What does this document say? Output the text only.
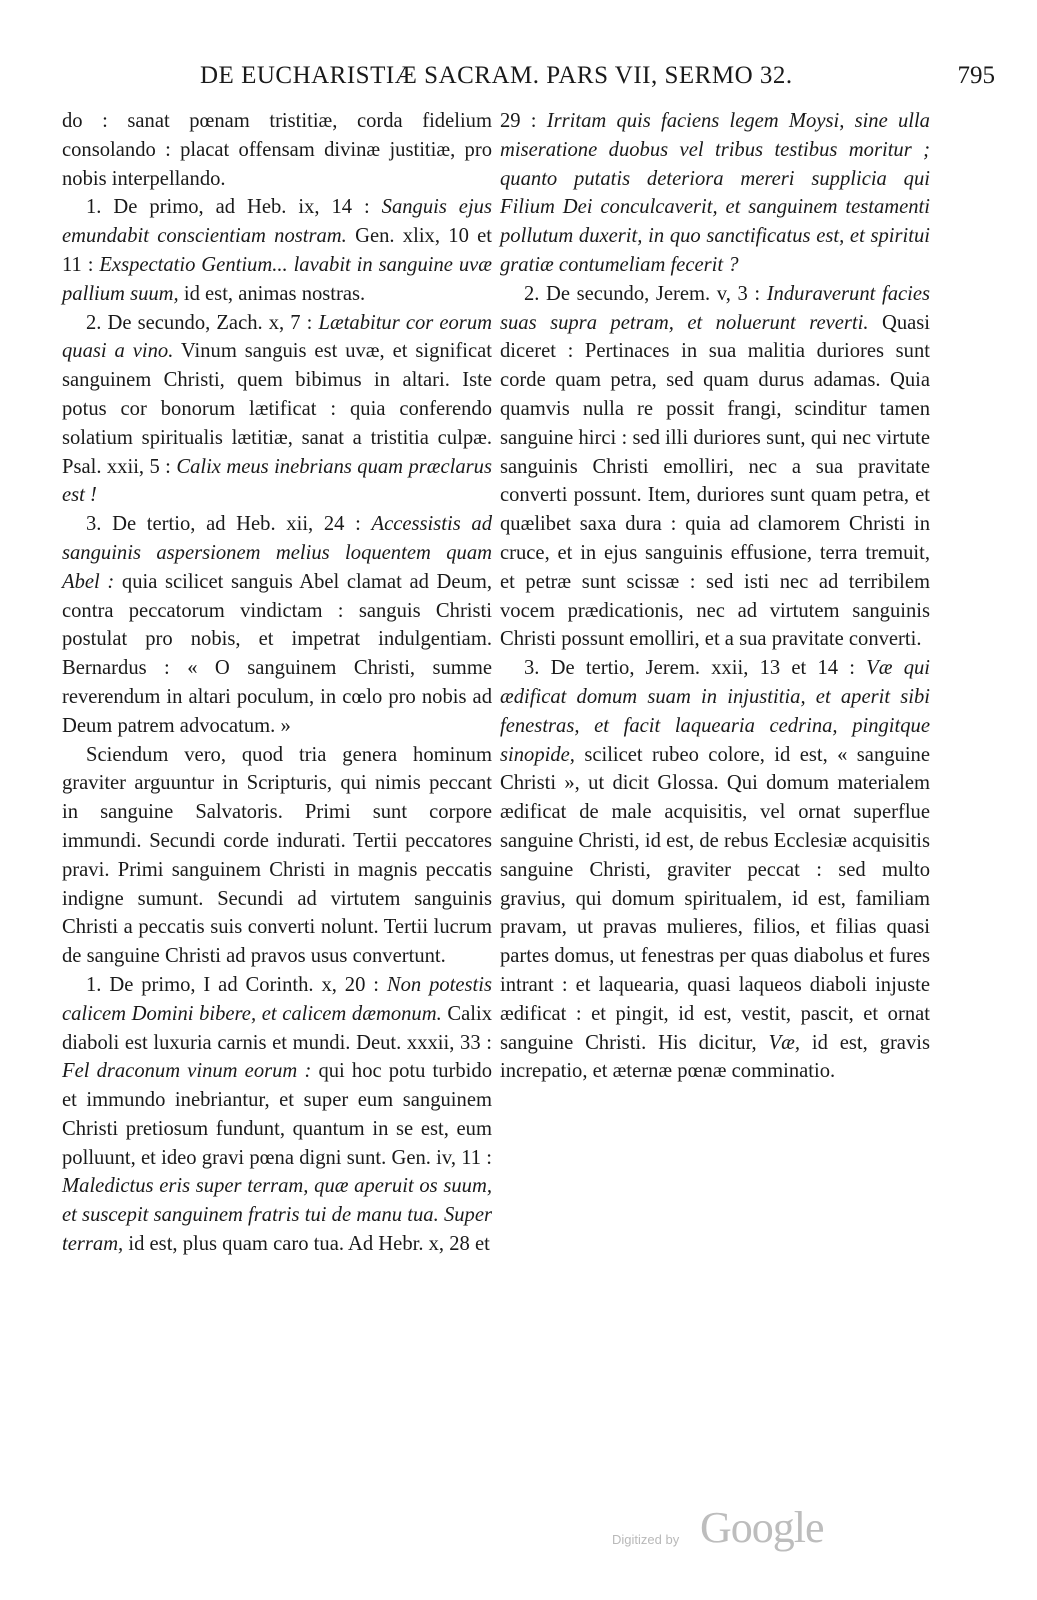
DE EUCHARISTIÆ SACRAM. PARS VII, SERMO 32.	795

do : sanat pœnam tristitiæ, corda fidelium consolando : placat offensam divinæ justitiæ, pro nobis interpellando.

1. De primo, ad Heb. ix, 14 : Sanguis ejus emundabit conscientiam nostram. Gen. xlix, 10 et 11 : Exspectatio Gentium... lavabit in sanguine uvæ pallium suum, id est, animas nostras.

2. De secundo, Zach. x, 7 : Lætabitur cor eorum quasi a vino. Vinum sanguis est uvæ, et significat sanguinem Christi, quem bibimus in altari. Iste potus cor bonorum lætificat : quia conferendo solatium spiritualis lætitiæ, sanat a tristitia culpæ. Psal. xxii, 5 : Calix meus inebrians quam præclarus est !

3. De tertio, ad Heb. xii, 24 : Accessistis ad sanguinis aspersionem melius loquentem quam Abel : quia scilicet sanguis Abel clamat ad Deum, contra peccatorum vindictam : sanguis Christi postulat pro nobis, et impetrat indulgentiam. Bernardus : « O sanguinem Christi, summe reverendum in altari poculum, in cœlo pro nobis ad Deum patrem advocatum. »

Sciendum vero, quod tria genera hominum graviter arguuntur in Scripturis, qui nimis peccant in sanguine Salvatoris. Primi sunt corpore immundi. Secundi corde indurati. Tertii peccatores pravi. Primi sanguinem Christi in magnis peccatis indigne sumunt. Secundi ad virtutem sanguinis Christi a peccatis suis converti nolunt. Tertii lucrum de sanguine Christi ad pravos usus convertunt.

1. De primo, I ad Corinth. x, 20 : Non potestis calicem Domini bibere, et calicem dæmonum. Calix diaboli est luxuria carnis et mundi. Deut. xxxii, 33 : Fel draconum vinum eorum : qui hoc potu turbido et immundo inebriantur, et super eum sanguinem Christi pretiosum fundunt, quantum in se est, eum polluunt, et ideo gravi pœna digni sunt. Gen. iv, 11 : Maledictus eris super terram, quæ aperuit os suum, et suscepit sanguinem fratris tui de manu tua. Super terram, id est, plus quam caro tua. Ad Hebr. x, 28 et

29 : Irritam quis faciens legem Moysi, sine ulla miseratione duobus vel tribus testibus moritur ; quanto putatis deteriora mereri supplicia qui Filium Dei conculcaverit, et sanguinem testamenti pollutum duxerit, in quo sanctificatus est, et spiritui gratiæ contumeliam fecerit ?

2. De secundo, Jerem. v, 3 : Induraverunt facies suas supra petram, et noluerunt reverti. Quasi diceret : Pertinaces in sua malitia duriores sunt corde quam petra, sed quam durus adamas. Quia quamvis nulla re possit frangi, scinditur tamen sanguine hirci : sed illi duriores sunt, qui nec virtute sanguinis Christi emolliri, nec a sua pravitate converti possunt. Item, duriores sunt quam petra, et quælibet saxa dura : quia ad clamorem Christi in cruce, et in ejus sanguinis effusione, terra tremuit, et petræ sunt scissæ : sed isti nec ad terribilem vocem prædicationis, nec ad virtutem sanguinis Christi possunt emolliri, et a sua pravitate converti.

3. De tertio, Jerem. xxii, 13 et 14 : Væ qui ædificat domum suam in injustitia, et aperit sibi fenestras, et facit laquearia cedrina, pingitque sinopide, scilicet rubeo colore, id est, « sanguine Christi », ut dicit Glossa. Qui domum materialem ædificat de male acquisitis, vel ornat superflue sanguine Christi, id est, de rebus Ecclesiæ acquisitis sanguine Christi, graviter peccat : sed multo gravius, qui domum spiritualem, id est, familiam pravam, ut pravas mulieres, filios, et filias quasi partes domus, ut fenestras per quas diabolus et fures intrant : et laquearia, quasi laqueos diaboli injuste ædificat : et pingit, id est, vestit, pascit, et ornat sanguine Christi. His dicitur, Væ, id est, gravis increpatio, et æternæ pœnæ comminatio.

Digitized by Google
